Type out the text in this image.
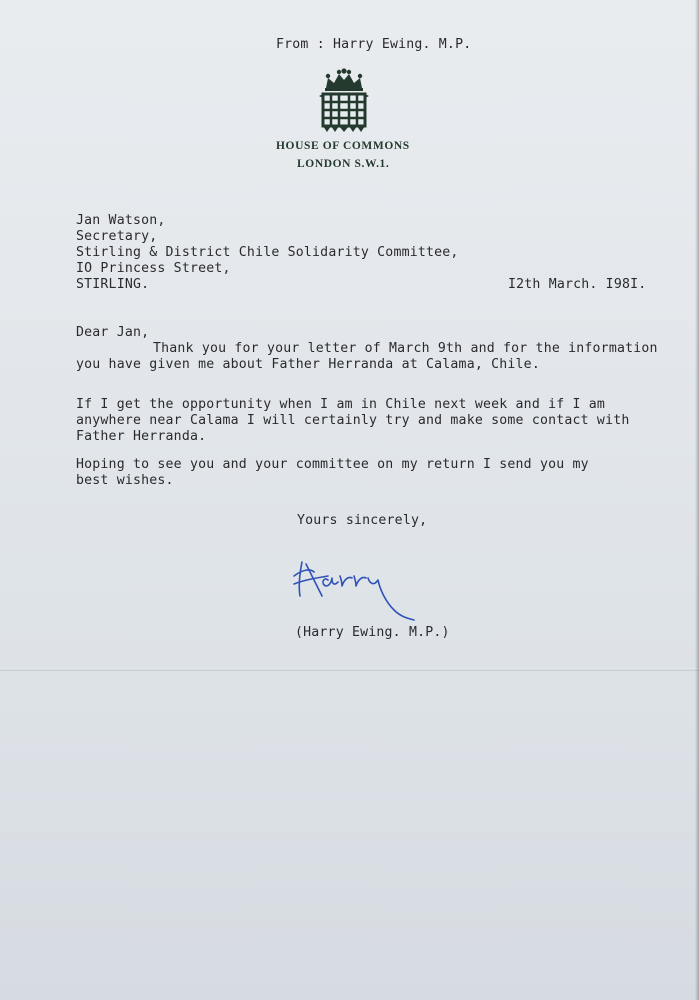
From : Harry Ewing. M.P.
HOUSE OF COMMONS
LONDON S.W.1.
Jan Watson,
Secretary,
Stirling & District Chile Solidarity Committee,
IO Princess Street,
STIRLING.	I2th March. I98I.
Dear Jan,
Thank you for your letter of March 9th and for the information
you have given me about Father Herranda at Calama, Chile.
If I get the opportunity when I am in Chile next week and if I am
anywhere near Calama I will certainly try and make some contact with
Father Herranda.
Hoping to see you and your committee on my return I send you my
best wishes.
Yours sincerely,
(Harry Ewing. M.P.)
